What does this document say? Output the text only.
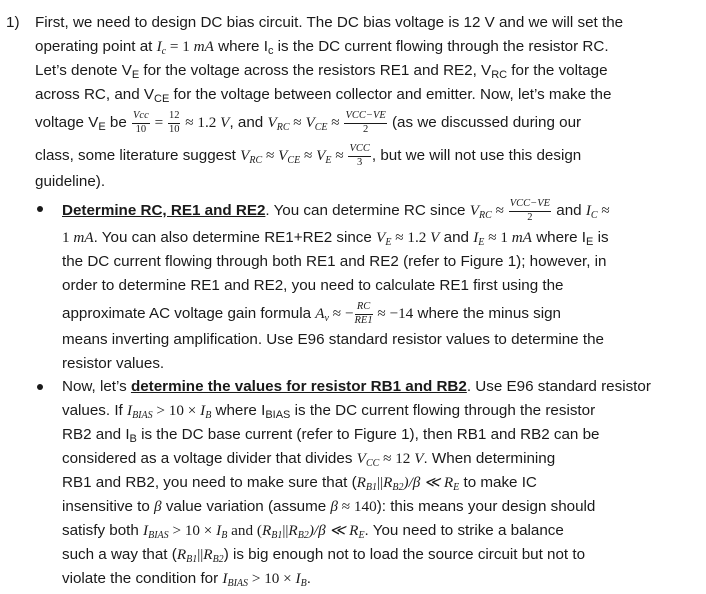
1) First, we need to design DC bias circuit. The DC bias voltage is 12 V and we will set the
operating point at $I_c = 1$ mA where $I_c$ is the DC current flowing through the resistor RC.
Let’s denote $V_E$ for the voltage across the resistors RE1 and RE2, $V_{RC}$ for the voltage
across RC, and $V_{CE}$ for the voltage between collector and emitter. Now, let’s make the
voltage $V_E$ be $\frac{\text{Vcc}}{10} = \frac{12}{10} \approx 1.2$ V, and $V_{RC} \approx V_{CE} \approx \frac{\text{VCC−VE}}{2} (as$ we discussed during our
class, some literature suggest $V_{RC} \approx V_{CE} \approx V_E \approx \frac{\text{VCC}}{3}$ , but we will not use this design
guideline).
Determine RC, RE1 and RE2. You can determine RC since $V_{RC} \approx \frac{\text{VCC−VE}}{2}$ and $I_C$ ≈
1 mA. You can also determine RE1+RE2 since $V_E \approx 1.2$ V and $I_E \approx 1$ mA where $I_E$ is
the DC current flowing through both RE1 and RE2 (refer to Figure 1); however, in
order to determine RE1 and RE2, you need to calculate RE1 first using the
approximate AC voltage gain formula $A_v$ ≈ − $\frac{RC}{RE1} \approx -14$ where the minus sign
means inverting amplification. Use E96 standard resistor values to determine the
resistor values.
Now, let’s determine the values for resistor RB1 and RB2. Use E96 standard resistor
values. If $I_{BIAS} > 10 \times I_B$ where $I_{BIAS}$ is the DC current flowing through the resistor
RB2 and $I_B$ is the DC base current (refer to Figure 1), then RB1 and RB2 can be
considered as a voltage divider that divides $V_{CC} \approx 12$ V. When determining
RB1 and RB2, you need to make sure that $(R_{B1}||R_{B2})/\beta$ ≪ $R_E$ to make IC
insensitive to β value variation (assume β ≈ 140): this means your design should
satisfy both $I_{BIAS} > 10 \times I_B$ and $(R_{B1}||R_{B2})/\beta$ ≪ $R_E$. You need to strike a balance
such a way that $(R_{B1}||R_{B2})$ is big enough not to load the source circuit but not to
violate the condition for $I_{BIAS} > 10 \times I_B$.
